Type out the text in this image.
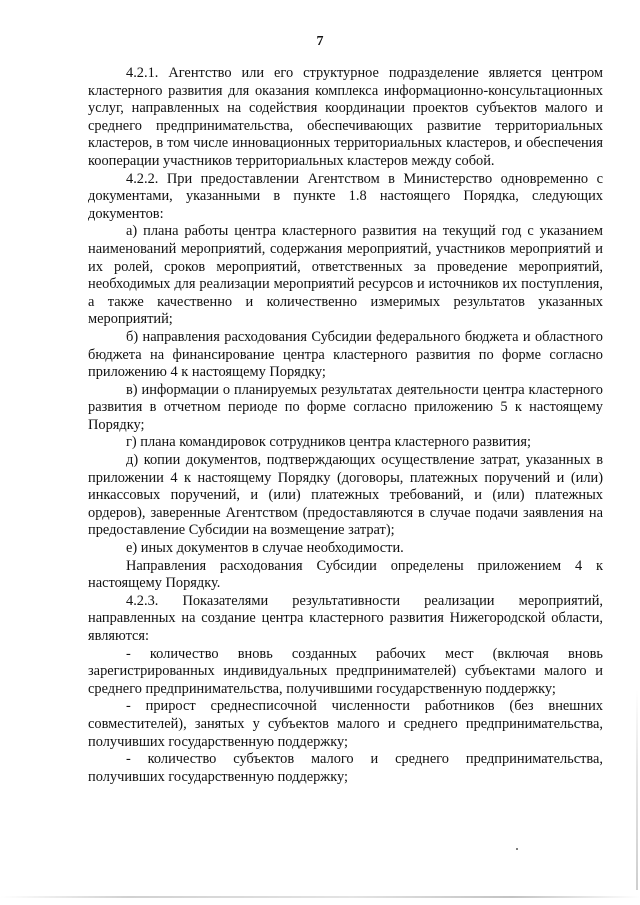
7

4.2.1. Агентство или его структурное подразделение является центром кластерного развития для оказания комплекса информационно-консультационных услуг, направленных на содействия координации проектов субъектов малого и среднего предпринимательства, обеспечивающих развитие территориальных кластеров, в том числе инновационных территориальных кластеров, и обеспечения кооперации участников территориальных кластеров между собой.

4.2.2. При предоставлении Агентством в Министерство одновременно с документами, указанными в пункте 1.8 настоящего Порядка, следующих документов:

а) плана работы центра кластерного развития на текущий год с указанием наименований мероприятий, содержания мероприятий, участников мероприятий и их ролей, сроков мероприятий, ответственных за проведение мероприятий, необходимых для реализации мероприятий ресурсов и источников их поступления, а также качественно и количественно измеримых результатов указанных мероприятий;

б) направления расходования Субсидии федерального бюджета и областного бюджета на финансирование центра кластерного развития по форме согласно приложению 4 к настоящему Порядку;

в) информации о планируемых результатах деятельности центра кластерного развития в отчетном периоде по форме согласно приложению 5 к настоящему Порядку;

г) плана командировок сотрудников центра кластерного развития;

д) копии документов, подтверждающих осуществление затрат, указанных в приложении 4 к настоящему Порядку (договоры, платежных поручений и (или) инкассовых поручений, и (или) платежных требований, и (или) платежных ордеров), заверенные Агентством (предоставляются в случае подачи заявления на предоставление Субсидии на возмещение затрат);

е) иных документов в случае необходимости.

Направления расходования Субсидии определены приложением 4 к настоящему Порядку.

4.2.3. Показателями результативности реализации мероприятий, направленных на создание центра кластерного развития Нижегородской области, являются:

- количество вновь созданных рабочих мест (включая вновь зарегистрированных индивидуальных предпринимателей) субъектами малого и среднего предпринимательства, получившими государственную поддержку;

- прирост среднесписочной численности работников (без внешних совместителей), занятых у субъектов малого и среднего предпринимательства, получивших государственную поддержку;

- количество субъектов малого и среднего предпринимательства, получивших государственную поддержку;
